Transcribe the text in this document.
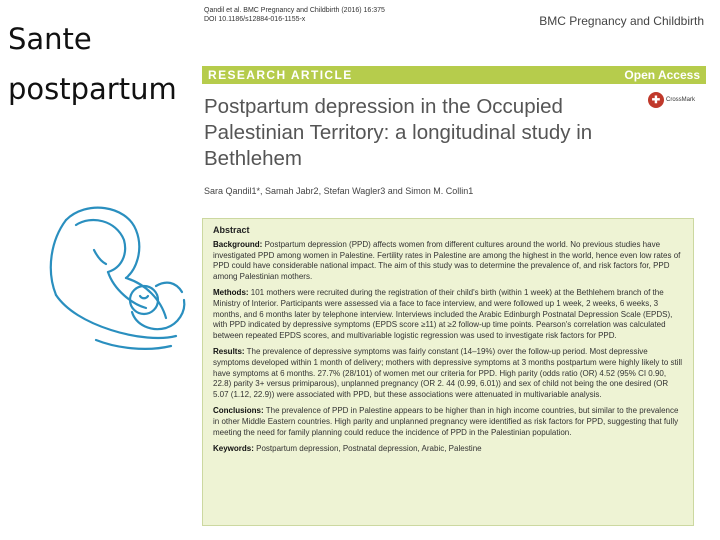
Sante
postpartum
Qandil et al. BMC Pregnancy and Childbirth (2016) 16:375
DOI 10.1186/s12884-016-1155-x	BMC Pregnancy and Childbirth
RESEARCH ARTICLE	Open Access
✚ CrossMark
Postpartum depression in the Occupied Palestinian Territory: a longitudinal study in Bethlehem
Sara Qandil1*, Samah Jabr2, Stefan Wagler3 and Simon M. Collin1
Abstract

Background: Postpartum depression (PPD) affects women from different cultures around the world. No previous studies have investigated PPD among women in Palestine. Fertility rates in Palestine are among the highest in the world, hence even low rates of PPD could have considerable national impact. The aim of this study was to determine the prevalence of, and risk factors for, PPD among Palestinian mothers.

Methods: 101 mothers were recruited during the registration of their child's birth (within 1 week) at the Bethlehem branch of the Ministry of Interior. Participants were assessed via a face to face interview, and were followed up 1 week, 2 weeks, 6 weeks, 3 months, and 6 months later by telephone interview. Interviews included the Arabic Edinburgh Postnatal Depression Scale (EPDS), with PPD indicated by depressive symptoms (EPDS score ≥11) at ≥2 follow-up time points. Pearson's correlation was calculated between repeated EPDS scores, and multivariable logistic regression was used to investigate risk factors for PPD.

Results: The prevalence of depressive symptoms was fairly constant (14–19%) over the follow-up period. Most depressive symptoms developed within 1 month of delivery; mothers with depressive symptoms at 3 months postpartum were highly likely to still have symptoms at 6 months. 27.7% (28/101) of women met our criteria for PPD. High parity (odds ratio (OR) 4.52 (95% CI 0.90, 22.8) parity 3+ versus primiparous), unplanned pregnancy (OR 2. 44 (0.99, 6.01)) and sex of child not being the one desired (OR 5.07 (1.12, 22.9)) were associated with PPD, but these associations were attenuated in multivariable analysis.

Conclusions: The prevalence of PPD in Palestine appears to be higher than in high income countries, but similar to the prevalence in other Middle Eastern countries. High parity and unplanned pregnancy were identified as risk factors for PPD, suggesting that fully meeting the need for family planning could reduce the incidence of PPD in the Palestinian population.

Keywords: Postpartum depression, Postnatal depression, Arabic, Palestine
